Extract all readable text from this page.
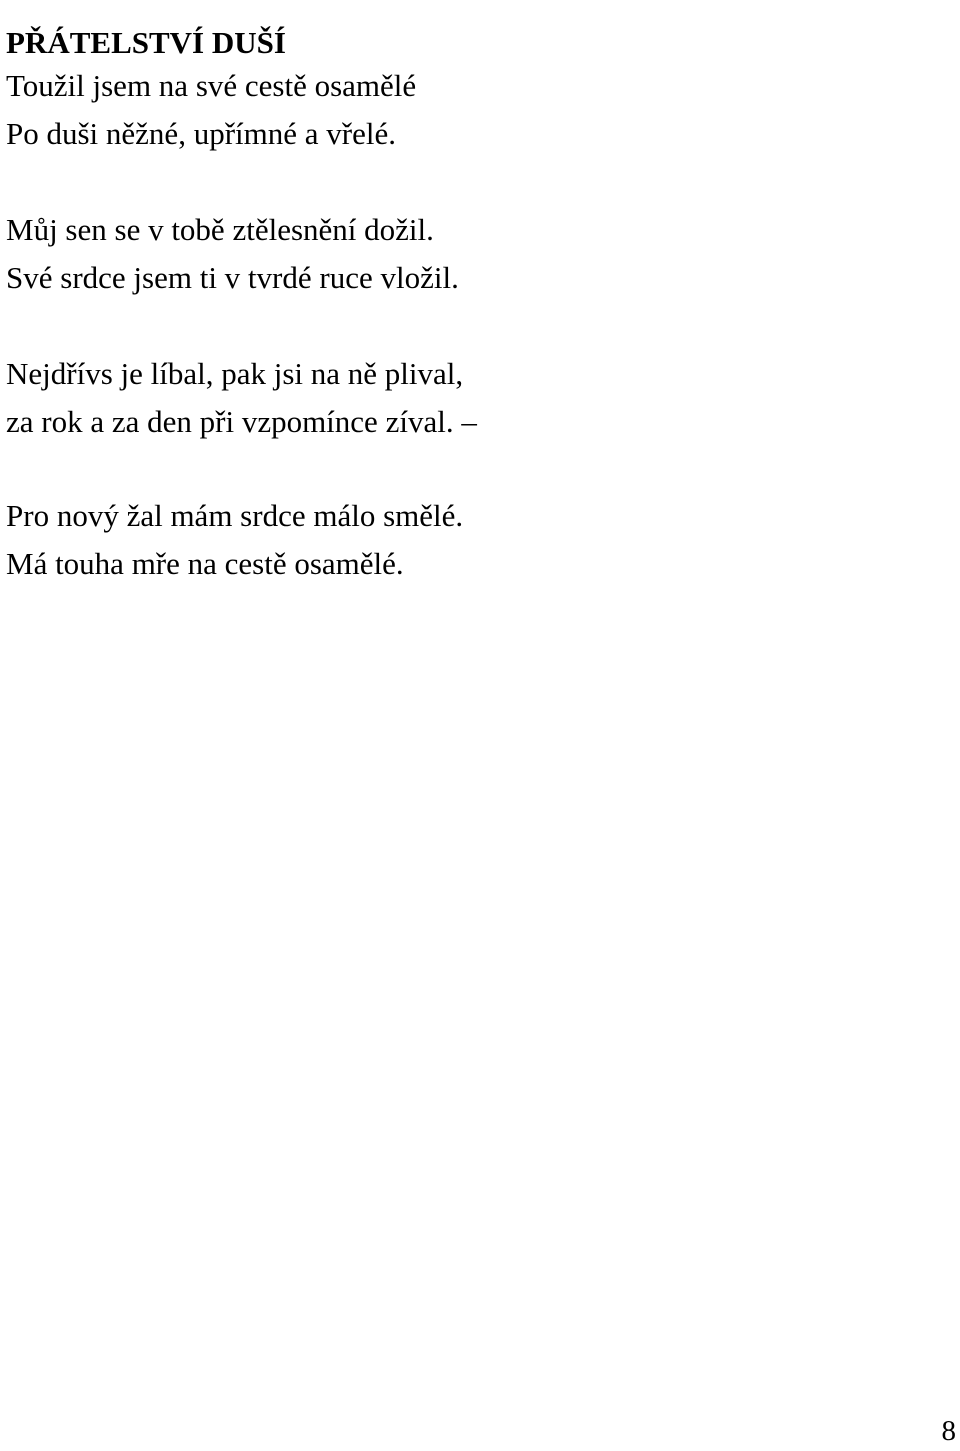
PŘÁTELSTVÍ DUŠÍ
Toužil jsem na své cestě osamělé
Po duši něžné, upřímné a vřelé.
Můj sen se v tobě ztělesnění dožil.
Své srdce jsem ti v tvrdé ruce vložil.
Nejdřívs je líbal, pak jsi na ně plival,
za rok a za den při vzpomínce zíval. –
Pro nový žal mám srdce málo smělé.
Má touha mře na cestě osamělé.
8
